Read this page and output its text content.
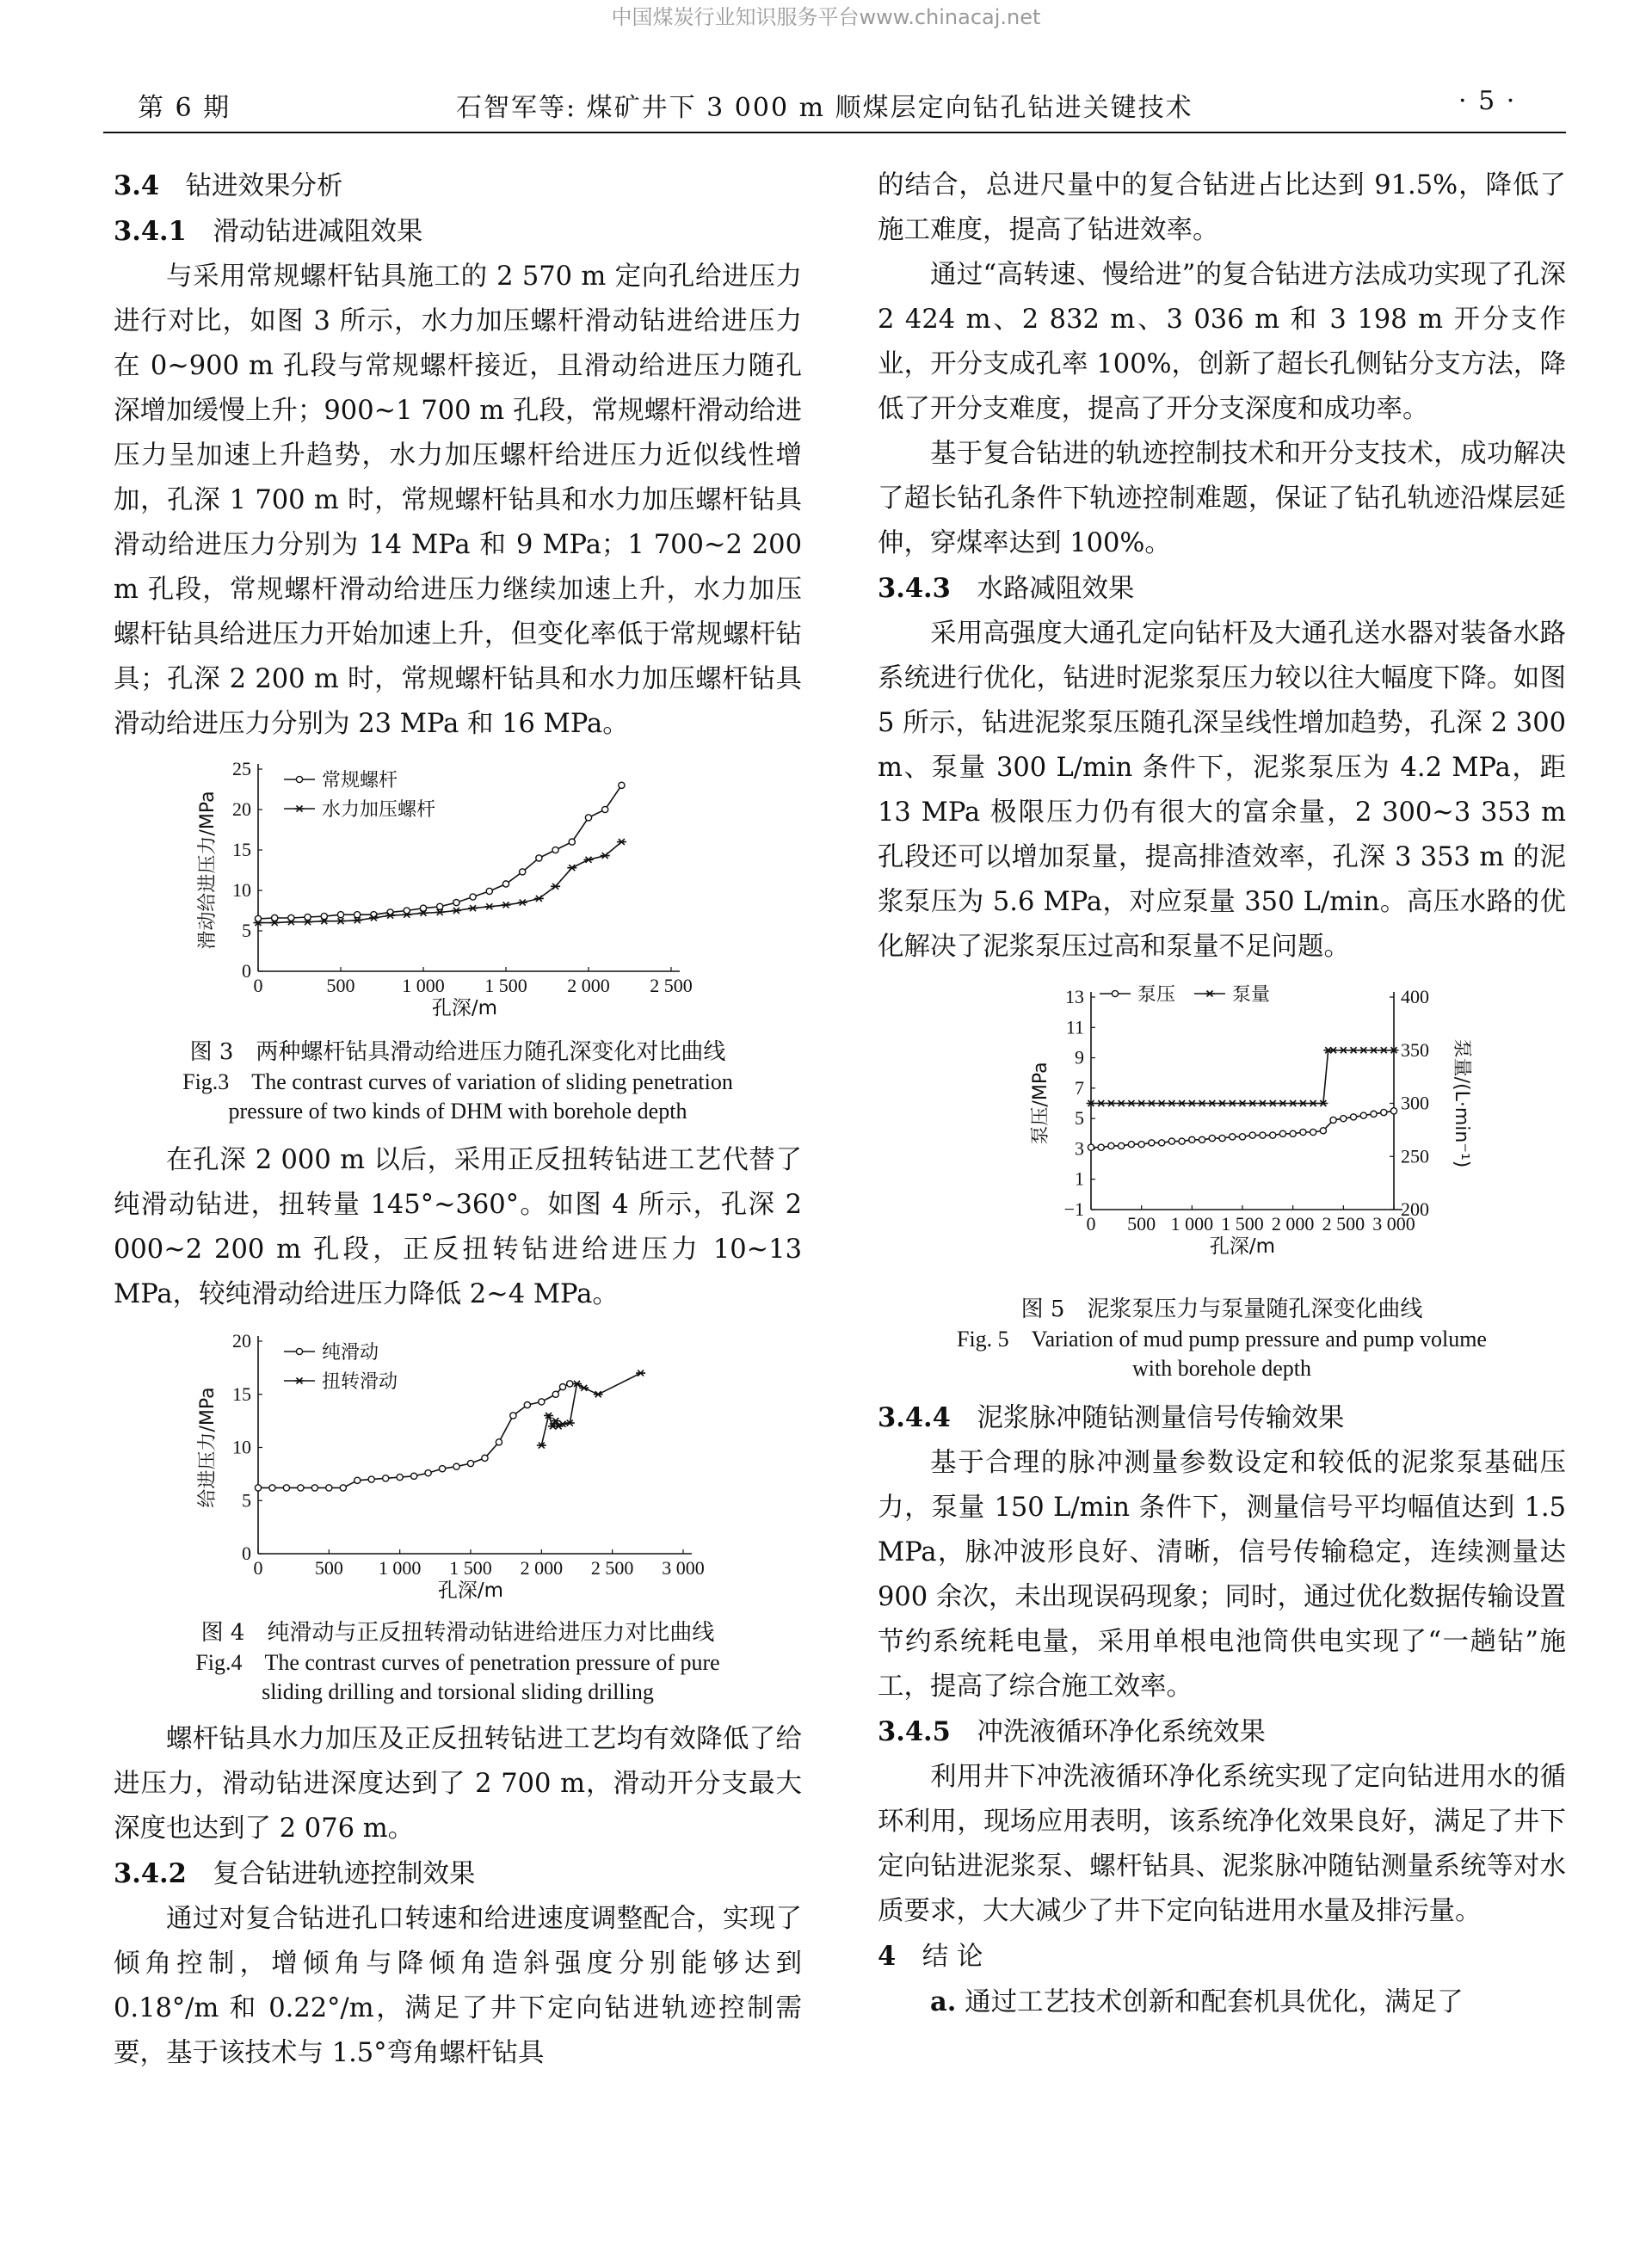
中国煤炭行业知识服务平台www.chinacaj.net
第 6 期	石智军等: 煤矿井下 3 000 m 顺煤层定向钻孔钻进关键技术	· 5 ·

3.4　 钻进效果分析

3.4.1　 滑动钻进减阻效果

与采用常规螺杆钻具施工的 2 570 m 定向孔给进压力进行对比，如图 3 所示，水力加压螺杆滑动钻进给进压力在 0~900 m 孔段与常规螺杆接近，且滑动给进压力随孔深增加缓慢上升；900~1 700 m 孔段，常规螺杆滑动给进压力呈加速上升趋势，水力加压螺杆给进压力近似线性增加，孔深 1 700 m 时，常规螺杆钻具和水力加压螺杆钻具滑动给进压力分别为 14 MPa 和 9 MPa；1 700~2 200 m 孔段，常规螺杆滑动给进压力继续加速上升，水力加压螺杆钻具给进压力开始加速上升，但变化率低于常规螺杆钻具；孔深 2 200 m 时，常规螺杆钻具和水力加压螺杆钻具滑动给进压力分别为 23 MPa 和 16 MPa。

0	500 1 000 1 500 2 000 2 500
0
5
10
15
20
25
孔深/m
滑动给进压力/MPa
常规螺杆
水力加压螺杆
图 3　两种螺杆钻具滑动给进压力随孔深变化对比曲线
Fig.3　The contrast curves of variation of sliding penetration
pressure of two kinds of DHM with borehole depth

在孔深 2 000 m 以后，采用正反扭转钻进工艺代替了纯滑动钻进，扭转量 145°~360°。如图 4 所示，孔深 2 000~2 200 m 孔段，正反扭转钻进给进压力 10~13 MPa，较纯滑动给进压力降低 2~4 MPa。

0	500 1 000 1 500 2 000 2 500 3 000
0
5
10
15
20
孔深/m
给进压力/MPa
纯滑动
扭转滑动
图 4　纯滑动与正反扭转滑动钻进给进压力对比曲线
Fig.4　The contrast curves of penetration pressure of pure
sliding drilling and torsional sliding drilling

螺杆钻具水力加压及正反扭转钻进工艺均有效降低了给进压力，滑动钻进深度达到了 2 700 m，滑动开分支最大深度也达到了 2 076 m。

3.4.2　 复合钻进轨迹控制效果

通过对复合钻进孔口转速和给进速度调整配合，实现了倾角控制，增倾角与降倾角造斜强度分别能够达到 0.18°/m 和 0.22°/m，满足了井下定向钻进轨迹控制需要，基于该技术与 1.5°弯角螺杆钻具

的结合，总进尺量中的复合钻进占比达到 91.5%，降低了施工难度，提高了钻进效率。

通过“高转速、慢给进”的复合钻进方法成功实现了孔深 2 424 m、2 832 m、3 036 m 和 3 198 m 开分支作业，开分支成孔率 100%，创新了超长孔侧钻分支方法，降低了开分支难度，提高了开分支深度和成功率。

基于复合钻进的轨迹控制技术和开分支技术，成功解决了超长钻孔条件下轨迹控制难题，保证了钻孔轨迹沿煤层延伸，穿煤率达到 100%。

3.4.3　 水路减阻效果

采用高强度大通孔定向钻杆及大通孔送水器对装备水路系统进行优化，钻进时泥浆泵压力较以往大幅度下降。如图 5 所示，钻进泥浆泵压随孔深呈线性增加趋势，孔深 2 300 m、泵量 300 L/min 条件下，泥浆泵压为 4.2 MPa，距 13 MPa 极限压力仍有很大的富余量，2 300~3 353 m 孔段还可以增加泵量，提高排渣效率，孔深 3 353 m 的泥浆泵压为 5.6 MPa，对应泵量 350 L/min。高压水路的优化解决了泥浆泵压过高和泵量不足问题。

0 500 1 000 1 500 2 000 2 500 3 000
−1
1
3
5
7
9
11
13
200
250
300
350
400
泵量/(L·min⁻¹)
孔深/m
泵压/MPa
泵压	泵量
图 5　泥浆泵压力与泵量随孔深变化曲线
Fig. 5　Variation of mud pump pressure and pump volume
with borehole depth

3.4.4　 泥浆脉冲随钻测量信号传输效果

基于合理的脉冲测量参数设定和较低的泥浆泵基础压力，泵量 150 L/min 条件下，测量信号平均幅值达到 1.5 MPa，脉冲波形良好、清晰，信号传输稳定，连续测量达 900 余次，未出现误码现象；同时，通过优化数据传输设置节约系统耗电量，采用单根电池筒供电实现了“一趟钻”施工，提高了综合施工效率。

3.4.5　 冲洗液循环净化系统效果

利用井下冲洗液循环净化系统实现了定向钻进用水的循环利用，现场应用表明，该系统净化效果良好，满足了井下定向钻进泥浆泵、螺杆钻具、泥浆脉冲随钻测量系统等对水质要求，大大减少了井下定向钻进用水量及排污量。

4　 结 论

a. 通过工艺技术创新和配套机具优化，满足了
